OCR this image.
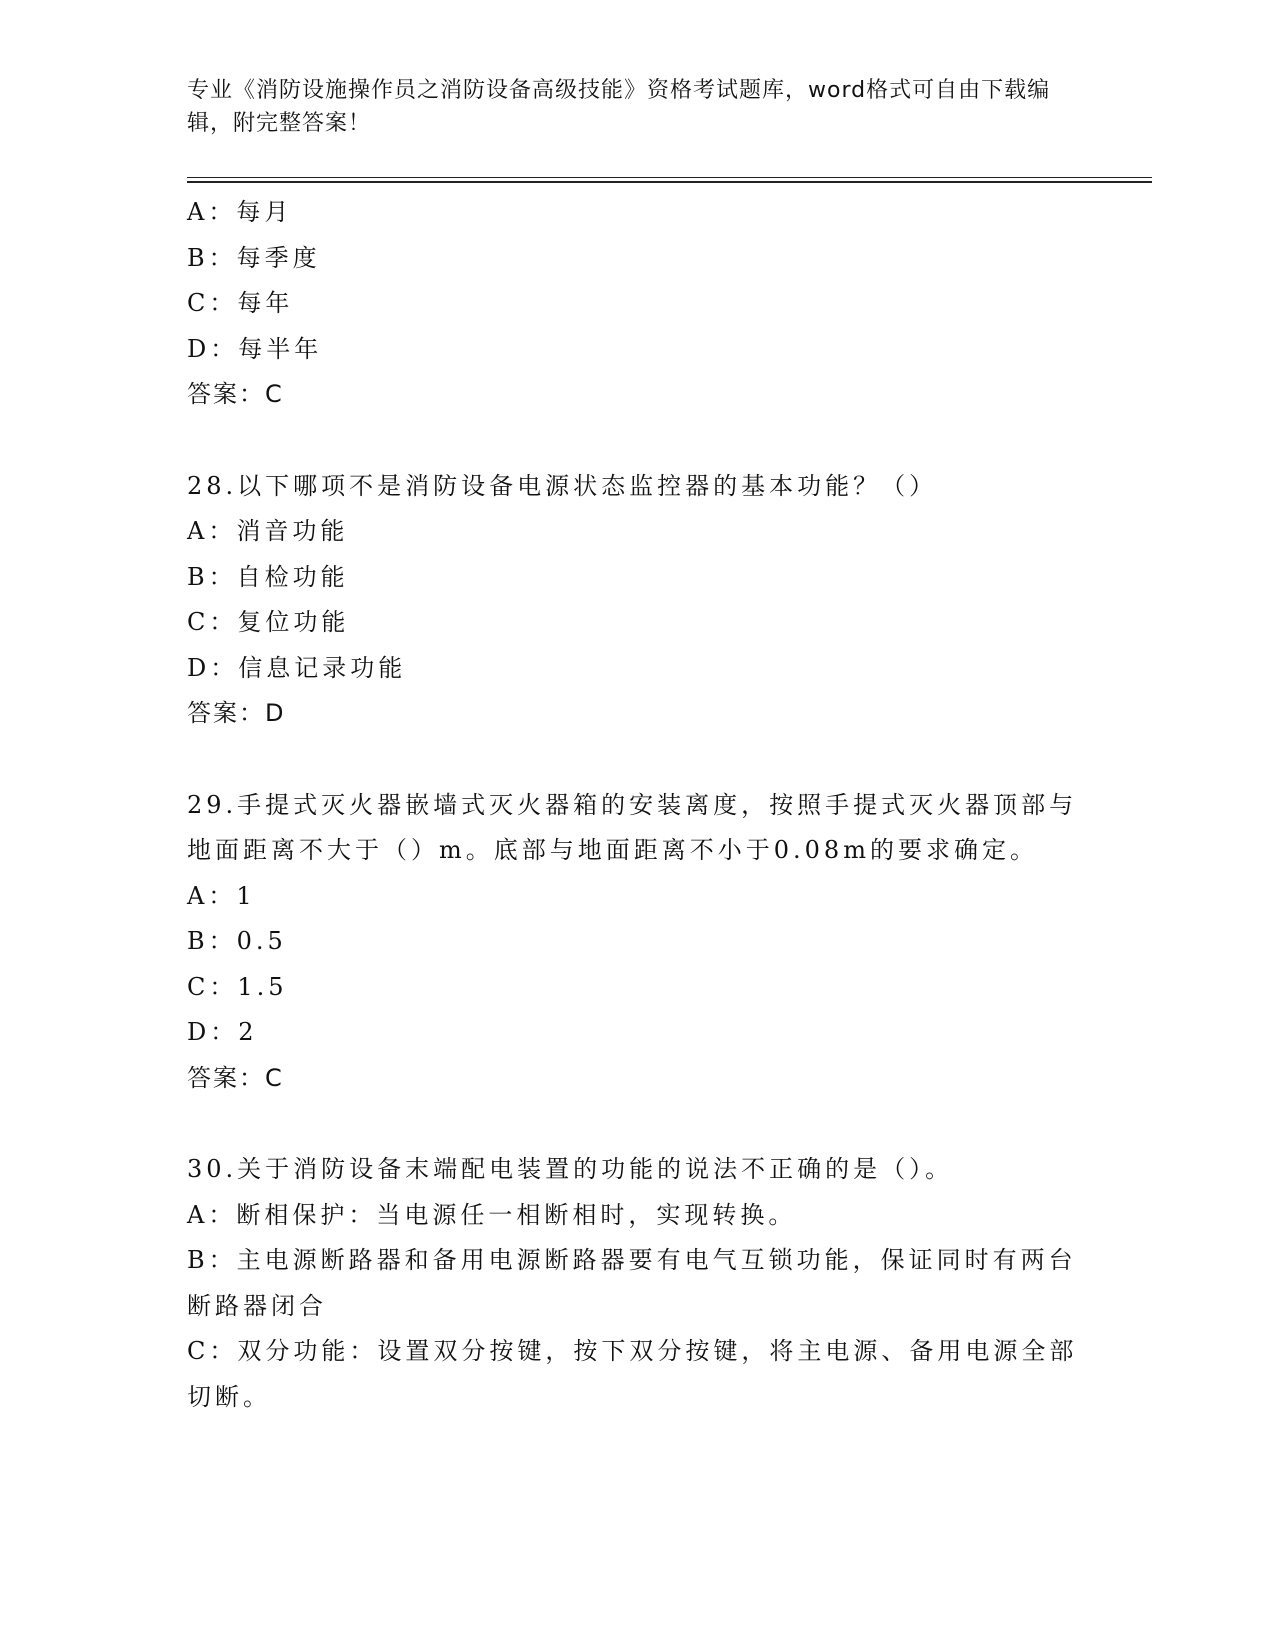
专业《消防设施操作员之消防设备高级技能》资格考试题库，word格式可自由下载编辑，附完整答案！
A：每月
B：每季度
C：每年
D：每半年
答案：C
28.以下哪项不是消防设备电源状态监控器的基本功能？（）
A：消音功能
B：自检功能
C：复位功能
D：信息记录功能
答案：D
29.手提式灭火器嵌墙式灭火器箱的安装离度，按照手提式灭火器顶部与地面距离不大于（）m。底部与地面距离不小于0.08m的要求确定。
A：1
B：0.5
C：1.5
D：2
答案：C
30.关于消防设备末端配电装置的功能的说法不正确的是（）。
A：断相保护：当电源任一相断相时，实现转换。
B：主电源断路器和备用电源断路器要有电气互锁功能，保证同时有两台断路器闭合
C：双分功能：设置双分按键，按下双分按键，将主电源、备用电源全部切断。
